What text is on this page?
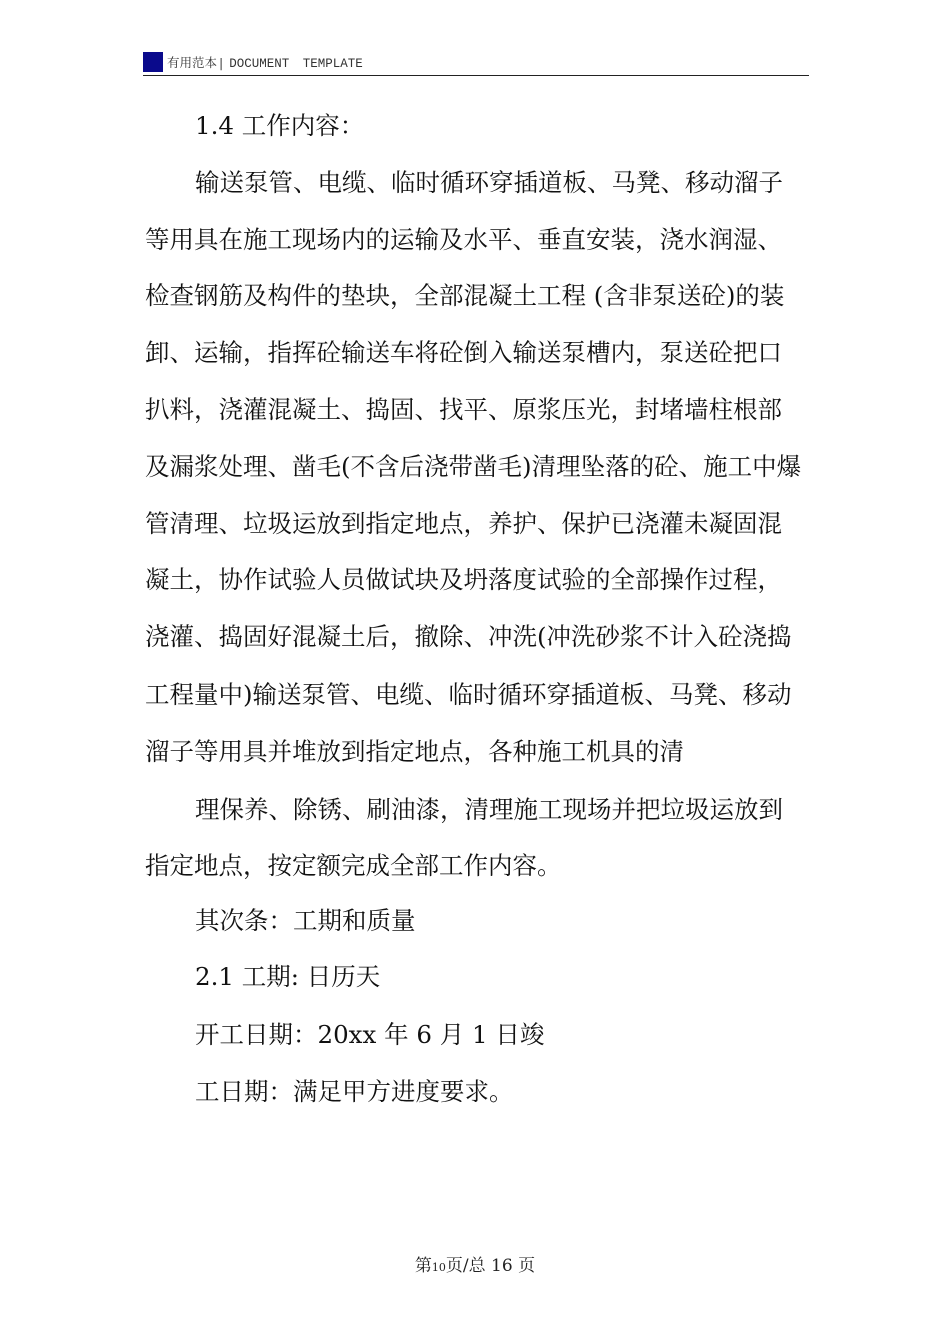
有用范本 | DOCUMENT TEMPLATE
1.4 工作内容：
输送泵管、电缆、临时循环穿插道板、马凳、移动溜子
等用具在施工现场内的运输及水平、垂直安装，浇水润湿、
检查钢筋及构件的垫块，全部混凝土工程 (含非泵送砼)的装
卸、运输，指挥砼输送车将砼倒入输送泵槽内，泵送砼把口
扒料，浇灌混凝土、捣固、找平、原浆压光，封堵墙柱根部
及漏浆处理、凿毛(不含后浇带凿毛)清理坠落的砼、施工中爆
管清理、垃圾运放到指定地点，养护、保护已浇灌未凝固混
凝土，协作试验人员做试块及坍落度试验的全部操作过程，
浇灌、捣固好混凝土后，撤除、冲洗(冲洗砂浆不计入砼浇捣
工程量中)输送泵管、电缆、临时循环穿插道板、马凳、移动
溜子等用具并堆放到指定地点，各种施工机具的清
理保养、除锈、刷油漆，清理施工现场并把垃圾运放到
指定地点，按定额完成全部工作内容。
其次条：工期和质量
2.1 工期: 日历天
开工日期：20xx 年 6 月 1 日竣
工日期：满足甲方进度要求。
第10页/总 16 页
